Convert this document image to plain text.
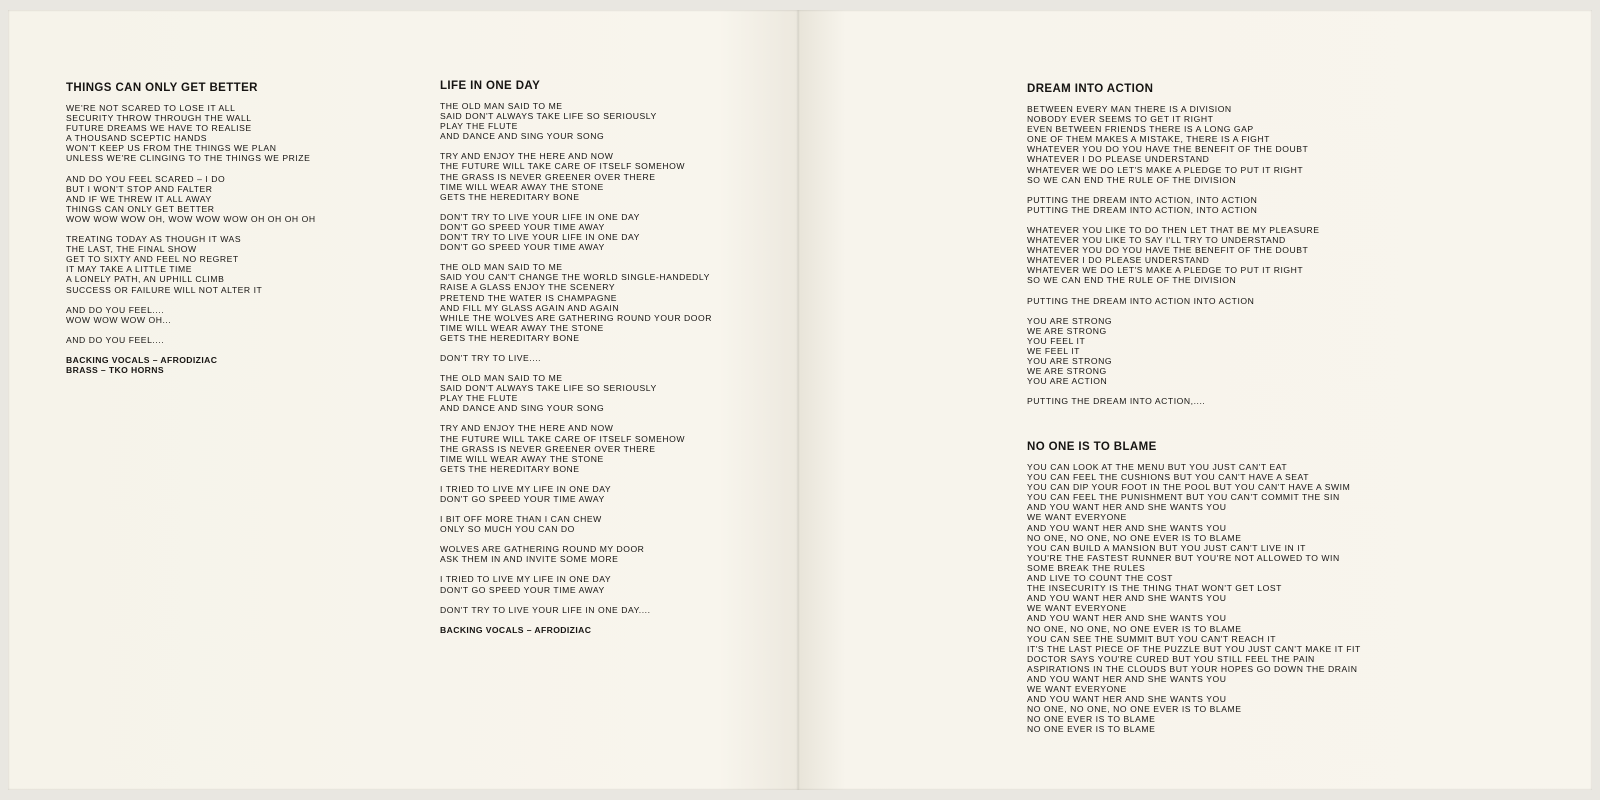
THINGS CAN ONLY GET BETTER
WE'RE NOT SCARED TO LOSE IT ALL
SECURITY THROW THROUGH THE WALL
FUTURE DREAMS WE HAVE TO REALISE
A THOUSAND SCEPTIC HANDS
WON'T KEEP US FROM THE THINGS WE PLAN
UNLESS WE'RE CLINGING TO THE THINGS WE PRIZE
AND DO YOU FEEL SCARED – I DO
BUT I WON'T STOP AND FALTER
AND IF WE THREW IT ALL AWAY
THINGS CAN ONLY GET BETTER
WOW WOW WOW OH, WOW WOW WOW OH OH OH OH
TREATING TODAY AS THOUGH IT WAS
THE LAST, THE FINAL SHOW
GET TO SIXTY AND FEEL NO REGRET
IT MAY TAKE A LITTLE TIME
A LONELY PATH, AN UPHILL CLIMB
SUCCESS OR FAILURE WILL NOT ALTER IT
AND DO YOU FEEL....
WOW WOW WOW OH...
AND DO YOU FEEL....
BACKING VOCALS – AFRODIZIAC
BRASS – TKO HORNS
LIFE IN ONE DAY
THE OLD MAN SAID TO ME
SAID DON'T ALWAYS TAKE LIFE SO SERIOUSLY
PLAY THE FLUTE
AND DANCE AND SING YOUR SONG
TRY AND ENJOY THE HERE AND NOW
THE FUTURE WILL TAKE CARE OF ITSELF SOMEHOW
THE GRASS IS NEVER GREENER OVER THERE
TIME WILL WEAR AWAY THE STONE
GETS THE HEREDITARY BONE
DON'T TRY TO LIVE YOUR LIFE IN ONE DAY
DON'T GO SPEED YOUR TIME AWAY
DON'T TRY TO LIVE YOUR LIFE IN ONE DAY
DON'T GO SPEED YOUR TIME AWAY
THE OLD MAN SAID TO ME
SAID YOU CAN'T CHANGE THE WORLD SINGLE-HANDEDLY
RAISE A GLASS ENJOY THE SCENERY
PRETEND THE WATER IS CHAMPAGNE
AND FILL MY GLASS AGAIN AND AGAIN
WHILE THE WOLVES ARE GATHERING ROUND YOUR DOOR
TIME WILL WEAR AWAY THE STONE
GETS THE HEREDITARY BONE
DON'T TRY TO LIVE....
THE OLD MAN SAID TO ME
SAID DON'T ALWAYS TAKE LIFE SO SERIOUSLY
PLAY THE FLUTE
AND DANCE AND SING YOUR SONG
TRY AND ENJOY THE HERE AND NOW
THE FUTURE WILL TAKE CARE OF ITSELF SOMEHOW
THE GRASS IS NEVER GREENER OVER THERE
TIME WILL WEAR AWAY THE STONE
GETS THE HEREDITARY BONE
I TRIED TO LIVE MY LIFE IN ONE DAY
DON'T GO SPEED YOUR TIME AWAY
I BIT OFF MORE THAN I CAN CHEW
ONLY SO MUCH YOU CAN DO
WOLVES ARE GATHERING ROUND MY DOOR
ASK THEM IN AND INVITE SOME MORE
I TRIED TO LIVE MY LIFE IN ONE DAY
DON'T GO SPEED YOUR TIME AWAY
DON'T TRY TO LIVE YOUR LIFE IN ONE DAY....
BACKING VOCALS – AFRODIZIAC
DREAM INTO ACTION
BETWEEN EVERY MAN THERE IS A DIVISION
NOBODY EVER SEEMS TO GET IT RIGHT
EVEN BETWEEN FRIENDS THERE IS A LONG GAP
ONE OF THEM MAKES A MISTAKE, THERE IS A FIGHT
WHATEVER YOU DO YOU HAVE THE BENEFIT OF THE DOUBT
WHATEVER I DO PLEASE UNDERSTAND
WHATEVER WE DO LET'S MAKE A PLEDGE TO PUT IT RIGHT
SO WE CAN END THE RULE OF THE DIVISION
PUTTING THE DREAM INTO ACTION, INTO ACTION
PUTTING THE DREAM INTO ACTION, INTO ACTION
WHATEVER YOU LIKE TO DO THEN LET THAT BE MY PLEASURE
WHATEVER YOU LIKE TO SAY I'LL TRY TO UNDERSTAND
WHATEVER YOU DO YOU HAVE THE BENEFIT OF THE DOUBT
WHATEVER I DO PLEASE UNDERSTAND
WHATEVER WE DO LET'S MAKE A PLEDGE TO PUT IT RIGHT
SO WE CAN END THE RULE OF THE DIVISION
PUTTING THE DREAM INTO ACTION INTO ACTION
YOU ARE STRONG
WE ARE STRONG
YOU FEEL IT
WE FEEL IT
YOU ARE STRONG
WE ARE STRONG
YOU ARE ACTION
PUTTING THE DREAM INTO ACTION,....
NO ONE IS TO BLAME
YOU CAN LOOK AT THE MENU BUT YOU JUST CAN'T EAT
YOU CAN FEEL THE CUSHIONS BUT YOU CAN'T HAVE A SEAT
YOU CAN DIP YOUR FOOT IN THE POOL BUT YOU CAN'T HAVE A SWIM
YOU CAN FEEL THE PUNISHMENT BUT YOU CAN'T COMMIT THE SIN
AND YOU WANT HER AND SHE WANTS YOU
WE WANT EVERYONE
AND YOU WANT HER AND SHE WANTS YOU
NO ONE, NO ONE, NO ONE EVER IS TO BLAME
YOU CAN BUILD A MANSION BUT YOU JUST CAN'T LIVE IN IT
YOU'RE THE FASTEST RUNNER BUT YOU'RE NOT ALLOWED TO WIN
SOME BREAK THE RULES
AND LIVE TO COUNT THE COST
THE INSECURITY IS THE THING THAT WON'T GET LOST
AND YOU WANT HER AND SHE WANTS YOU
WE WANT EVERYONE
AND YOU WANT HER AND SHE WANTS YOU
NO ONE, NO ONE, NO ONE EVER IS TO BLAME
YOU CAN SEE THE SUMMIT BUT YOU CAN'T REACH IT
IT'S THE LAST PIECE OF THE PUZZLE BUT YOU JUST CAN'T MAKE IT FIT
DOCTOR SAYS YOU'RE CURED BUT YOU STILL FEEL THE PAIN
ASPIRATIONS IN THE CLOUDS BUT YOUR HOPES GO DOWN THE DRAIN
AND YOU WANT HER AND SHE WANTS YOU
WE WANT EVERYONE
AND YOU WANT HER AND SHE WANTS YOU
NO ONE, NO ONE, NO ONE EVER IS TO BLAME
NO ONE EVER IS TO BLAME
NO ONE EVER IS TO BLAME
